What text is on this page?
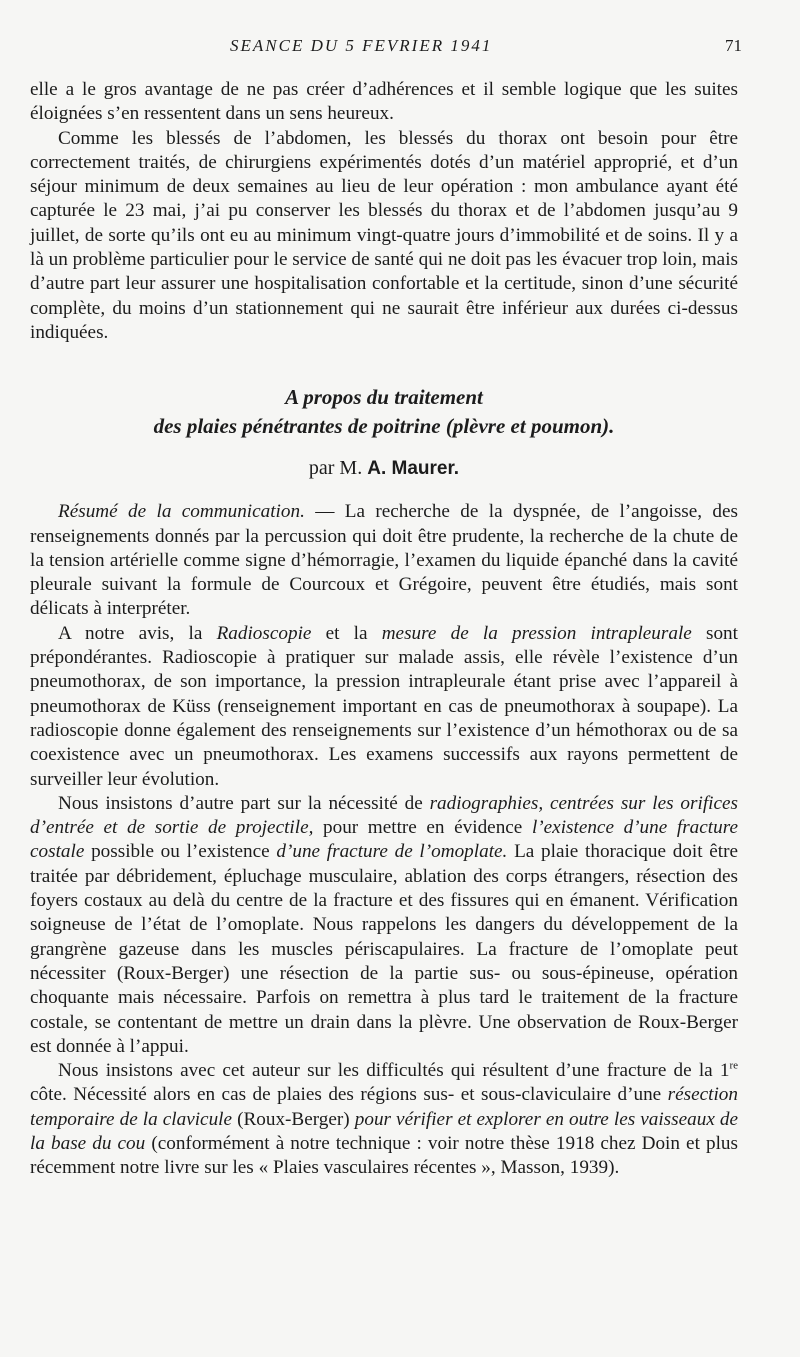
SEANCE DU 5 FEVRIER 1941	71

elle a le gros avantage de ne pas créer d’adhérences et il semble logique que les suites éloignées s’en ressentent dans un sens heureux.

Comme les blessés de l’abdomen, les blessés du thorax ont besoin pour être correctement traités, de chirurgiens expérimentés dotés d’un matériel approprié, et d’un séjour minimum de deux semaines au lieu de leur opération : mon ambulance ayant été capturée le 23 mai, j’ai pu conserver les blessés du thorax et de l’abdomen jusqu’au 9 juillet, de sorte qu’ils ont eu au minimum vingt-quatre jours d’immobilité et de soins. Il y a là un problème particulier pour le service de santé qui ne doit pas les évacuer trop loin, mais d’autre part leur assurer une hospitalisation confortable et la certitude, sinon d’une sécurité complète, du moins d’un stationnement qui ne saurait être inférieur aux durées ci-dessus indiquées.

A propos du traitement
des plaies pénétrantes de poitrine (plèvre et poumon).
par M. A. Maurer.

Résumé de la communication. — La recherche de la dyspnée, de l’angoisse, des renseignements donnés par la percussion qui doit être prudente, la recherche de la chute de la tension artérielle comme signe d’hémorragie, l’examen du liquide épanché dans la cavité pleurale suivant la formule de Courcoux et Grégoire, peuvent être étudiés, mais sont délicats à interpréter.

A notre avis, la Radioscopie et la mesure de la pression intrapleurale sont prépondérantes. Radioscopie à pratiquer sur malade assis, elle révèle l’existence d’un pneumothorax, de son importance, la pression intrapleurale étant prise avec l’appareil à pneumothorax de Küss (renseignement important en cas de pneumothorax à soupape). La radioscopie donne également des renseignements sur l’existence d’un hémothorax ou de sa coexistence avec un pneumothorax. Les examens successifs aux rayons permettent de surveiller leur évolution.

Nous insistons d’autre part sur la nécessité de radiographies, centrées sur les orifices d’entrée et de sortie de projectile, pour mettre en évidence l’existence d’une fracture costale possible ou l’existence d’une fracture de l’omoplate. La plaie thoracique doit être traitée par débridement, épluchage musculaire, ablation des corps étrangers, résection des foyers costaux au delà du centre de la fracture et des fissures qui en émanent. Vérification soigneuse de l’état de l’omoplate. Nous rappelons les dangers du développement de la grangrène gazeuse dans les muscles périscapulaires. La fracture de l’omoplate peut nécessiter (Roux-Berger) une résection de la partie sus- ou sous-épineuse, opération choquante mais nécessaire. Parfois on remettra à plus tard le traitement de la fracture costale, se contentant de mettre un drain dans la plèvre. Une observation de Roux-Berger est donnée à l’appui.

Nous insistons avec cet auteur sur les difficultés qui résultent d’une fracture de la 1re côte. Nécessité alors en cas de plaies des régions sus- et sous-claviculaire d’une résection temporaire de la clavicule (Roux-Berger) pour vérifier et explorer en outre les vaisseaux de la base du cou (conformément à notre technique : voir notre thèse 1918 chez Doin et plus récemment notre livre sur les « Plaies vasculaires récentes », Masson, 1939).
